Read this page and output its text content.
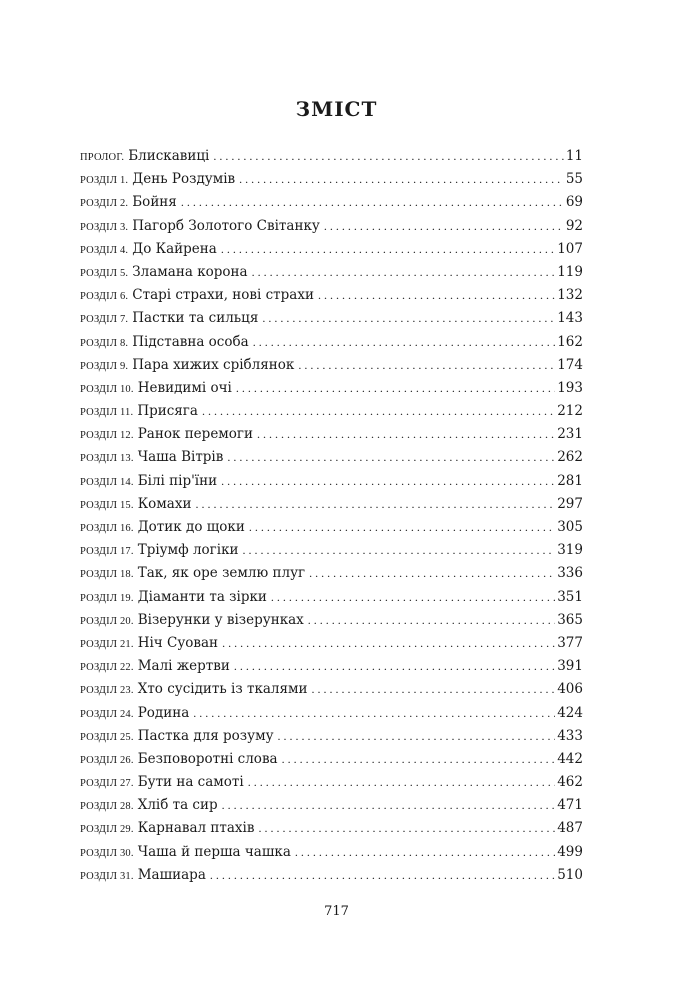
ЗМІСТ
ПРОЛОГ. Блискавиці . . .	11
РОЗДІЛ 1. День Роздумів . . .	55
РОЗДІЛ 2. Бойня . . .	69
РОЗДІЛ 3. Пагорб Золотого Світанку . . .	92
РОЗДІЛ 4. До Кайрена . . .	107
РОЗДІЛ 5. Зламана корона . . .	119
РОЗДІЛ 6. Старі страхи, нові страхи . . .	132
РОЗДІЛ 7. Пастки та сильця . . .	143
РОЗДІЛ 8. Підставна особа . . .	162
РОЗДІЛ 9. Пара хижих сріблянок . . .	174
РОЗДІЛ 10. Невидимі очі . . .	193
РОЗДІЛ 11. Присяга . . .	212
РОЗДІЛ 12. Ранок перемоги . . .	231
РОЗДІЛ 13. Чаша Вітрів . . .	262
РОЗДІЛ 14. Білі пір'їни . . .	281
РОЗДІЛ 15. Комахи . . .	297
РОЗДІЛ 16. Дотик до щоки . . .	305
РОЗДІЛ 17. Тріумф логіки . . .	319
РОЗДІЛ 18. Так, як оре землю плуг . . .	336
РОЗДІЛ 19. Діаманти та зірки . . .	351
РОЗДІЛ 20. Візерунки у візерунках . . .	365
РОЗДІЛ 21. Ніч Суован . . .	377
РОЗДІЛ 22. Малі жертви . . .	391
РОЗДІЛ 23. Хто сусідить із ткалями . . .	406
РОЗДІЛ 24. Родина . . .	424
РОЗДІЛ 25. Пастка для розуму . . .	433
РОЗДІЛ 26. Безповоротні слова . . .	442
РОЗДІЛ 27. Бути на самоті . . .	462
РОЗДІЛ 28. Хліб та сир . . .	471
РОЗДІЛ 29. Карнавал птахів . . .	487
РОЗДІЛ 30. Чаша й перша чашка . . .	499
РОЗДІЛ 31. Машиара . . .	510
717
